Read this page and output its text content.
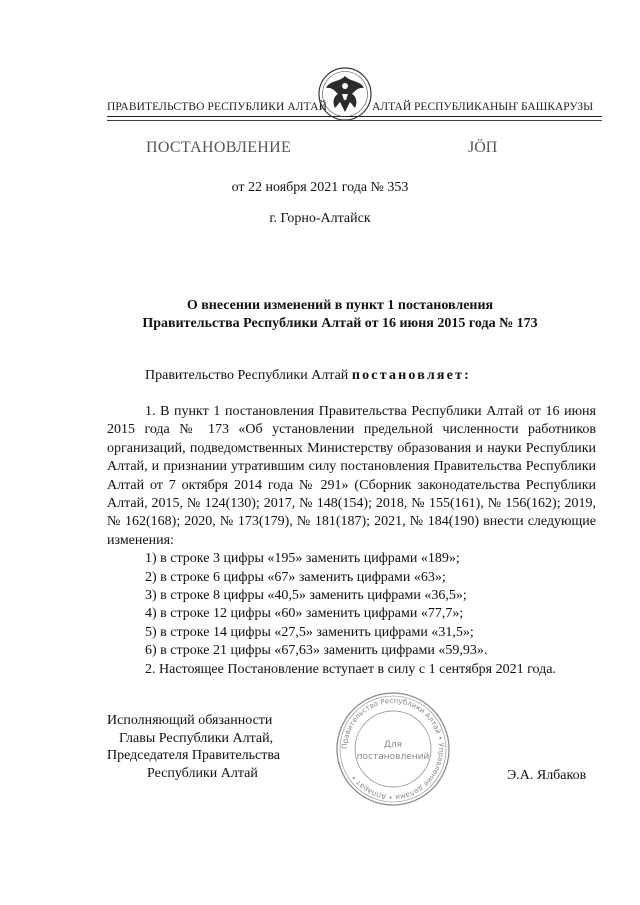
ПРАВИТЕЛЬСТВО РЕСПУБЛИКИ АЛТАЙ	АЛТАЙ РЕСПУБЛИКАНЫҤ БАШКАРУЗЫ
ПОСТАНОВЛЕНИЕ	ЈӦП
от 22 ноября 2021 года № 353
г. Горно-Алтайск
О внесении изменений в пункт 1 постановления
Правительства Республики Алтай от 16 июня 2015 года № 173
Правительство Республики Алтай постановляет:

1. В пункт 1 постановления Правительства Республики Алтай от 16 июня 2015 года № 173 «Об установлении предельной численности работников организаций, подведомственных Министерству образования и науки Республики Алтай, и признании утратившим силу постановления Правительства Республики Алтай от 7 октября 2014 года № 291» (Сборник законодательства Республики Алтай, 2015, № 124(130); 2017, № 148(154); 2018, № 155(161), № 156(162); 2019, № 162(168); 2020, № 173(179), № 181(187); 2021, № 184(190) внести следующие изменения:

1) в строке 3 цифры «195» заменить цифрами «189»;

2) в строке 6 цифры «67» заменить цифрами «63»;

3) в строке 8 цифры «40,5» заменить цифрами «36,5»;

4) в строке 12 цифры «60» заменить цифрами «77,7»;

5) в строке 14 цифры «27,5» заменить цифрами «31,5»;

6) в строке 21 цифры «67,63» заменить цифрами «59,93».

2. Настоящее Постановление вступает в силу с 1 сентября 2021 года.

Исполняющий обязанности
Главы Республики Алтай,
Председателя Правительства
Республики Алтай
Правительство Республики Алтай • Управление делами • Аппарат •
Для
постановлений
Э.А. Ялбаков
